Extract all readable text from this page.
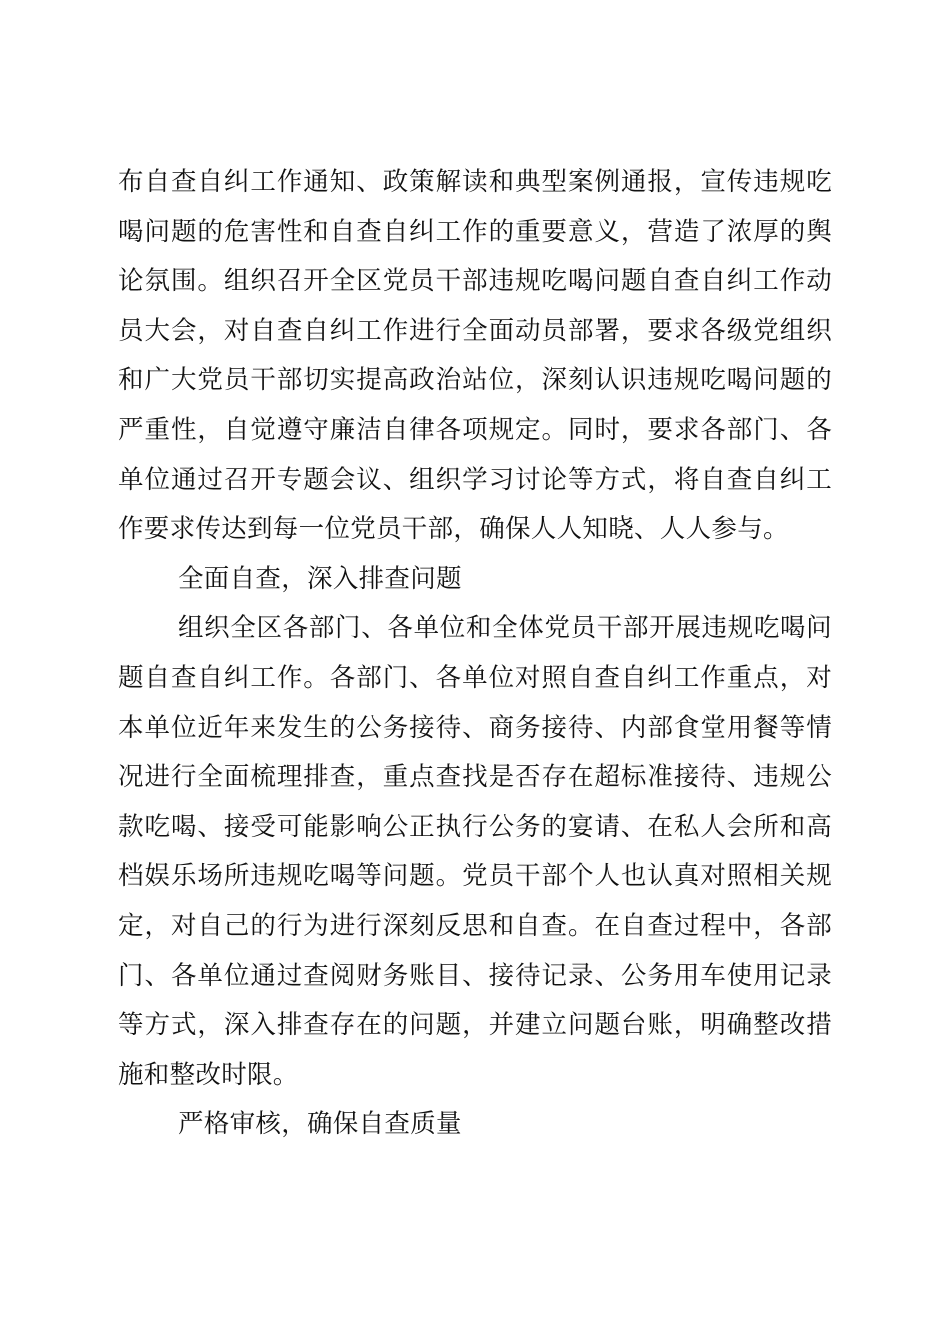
布自查自纠工作通知、政策解读和典型案例通报，宣传违规吃
喝问题的危害性和自查自纠工作的重要意义，营造了浓厚的舆
论氛围。组织召开全区党员干部违规吃喝问题自查自纠工作动
员大会，对自查自纠工作进行全面动员部署，要求各级党组织
和广大党员干部切实提高政治站位，深刻认识违规吃喝问题的
严重性，自觉遵守廉洁自律各项规定。同时，要求各部门、各
单位通过召开专题会议、组织学习讨论等方式，将自查自纠工
作要求传达到每一位党员干部，确保人人知晓、人人参与。
全面自查，深入排查问题
组织全区各部门、各单位和全体党员干部开展违规吃喝问
题自查自纠工作。各部门、各单位对照自查自纠工作重点，对
本单位近年来发生的公务接待、商务接待、内部食堂用餐等情
况进行全面梳理排查，重点查找是否存在超标准接待、违规公
款吃喝、接受可能影响公正执行公务的宴请、在私人会所和高
档娱乐场所违规吃喝等问题。党员干部个人也认真对照相关规
定，对自己的行为进行深刻反思和自查。在自查过程中，各部
门、各单位通过查阅财务账目、接待记录、公务用车使用记录
等方式，深入排查存在的问题，并建立问题台账，明确整改措
施和整改时限。
严格审核，确保自查质量
